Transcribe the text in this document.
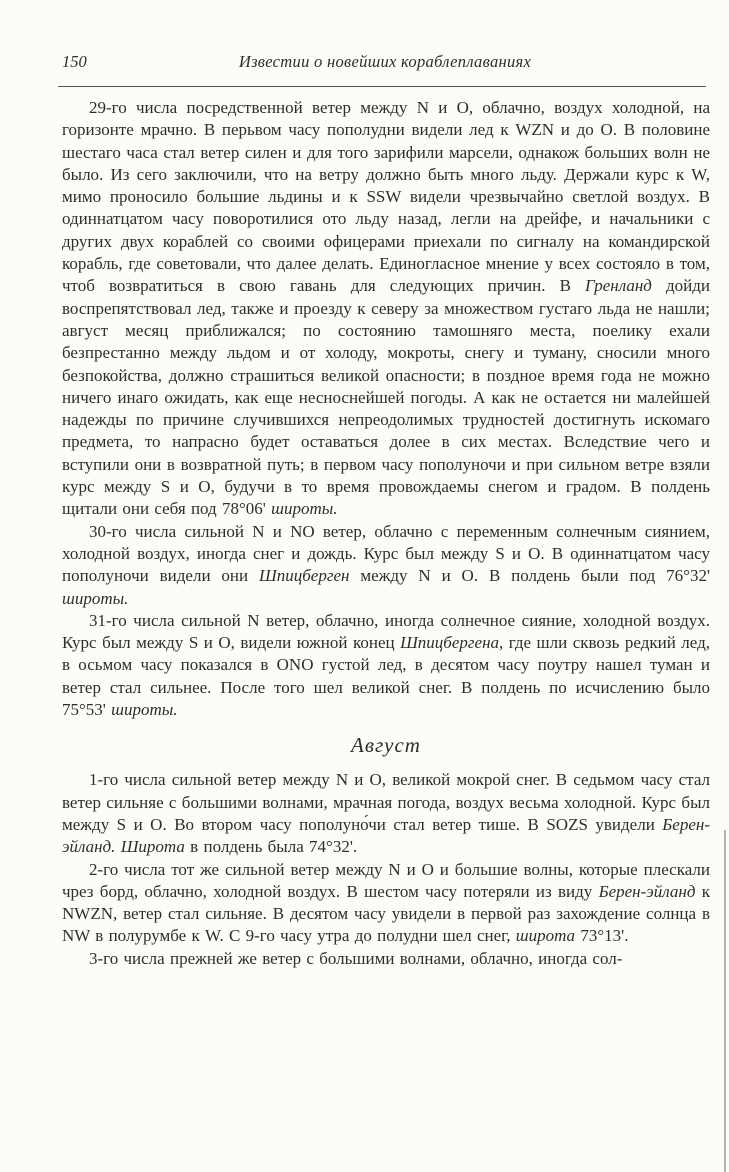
150	Известии о новейших кораблеплаваниях

29-го числа посредственной ветер между N и O, облачно, воздух холодной, на горизонте мрачно. В перьвом часу пополудни видели лед к WZN и до O. В половине шестаго часа стал ветер силен и для того зарифили марсели, однакож больших волн не было. Из сего заключили, что на ветру должно быть много льду. Держали курс к W, мимо проносило большие льдины и к SSW видели чрезвычайно светлой воздух. В одиннатцатом часу поворотилися ото льду назад, легли на дрейфе, и начальники с других двух кораблей со своими офицерами приехали по сигналу на командирской корабль, где советовали, что далее делать. Единогласное мнение у всех состояло в том, чтоб возвратиться в свою гавань для следующих причин. В Гренланд дойди воспрепятствовал лед, также и проезду к северу за множеством густаго льда не нашли; август месяц приближался; по состоянию тамошняго места, поелику ехали безпрестанно между льдом и от холоду, мокроты, снегу и туману, сносили много безпокойства, должно страшиться великой опасности; в поздное время года не можно ничего инаго ожидать, как еще несноснейшей погоды. А как не остается ни малейшей надежды по причине случившихся непреодолимых трудностей достигнуть искомаго предмета, то напрасно будет оставаться долее в сих местах. Вследствие чего и вступили они в возвратной путь; в первом часу пополуночи и при сильном ветре взяли курс между S и O, будучи в то время провождаемы снегом и градом. В полдень щитали они себя под 78°06' широты.

30-го числа сильной N и NO ветер, облачно с переменным солнечным сиянием, холодной воздух, иногда снег и дождь. Курс был между S и O. В одиннатцатом часу пополуночи видели они Шпицберген между N и O. В полдень были под 76°32' широты.

31-го числа сильной N ветер, облачно, иногда солнечное сияние, холодной воздух. Курс был между S и O, видели южной конец Шпицбергена, где шли сквозь редкий лед, в осьмом часу показался в ONO густой лед, в десятом часу поутру нашел туман и ветер стал сильнее. После того шел великой снег. В полдень по исчислению было 75°53' широты.

Август

1-го числа сильной ветер между N и O, великой мокрой снег. В седьмом часу стал ветер сильняе с большими волнами, мрачная погода, воздух весьма холодной. Курс был между S и O. Во втором часу пополуно́чи стал ветер тише. В SOZS увидели Берен-эйланд. Широта в полдень была 74°32'.

2-го числа тот же сильной ветер между N и O и большие волны, которые плескали чрез борд, облачно, холодной воздух. В шестом часу потеряли из виду Берен-эйланд к NWZN, ветер стал сильняе. В десятом часу увидели в первой раз захождение солнца в NW в полурумбе к W. С 9-го часу утра до полудни шел снег, широта 73°13'.

3-го числа прежней же ветер с большими волнами, облачно, иногда сол-
